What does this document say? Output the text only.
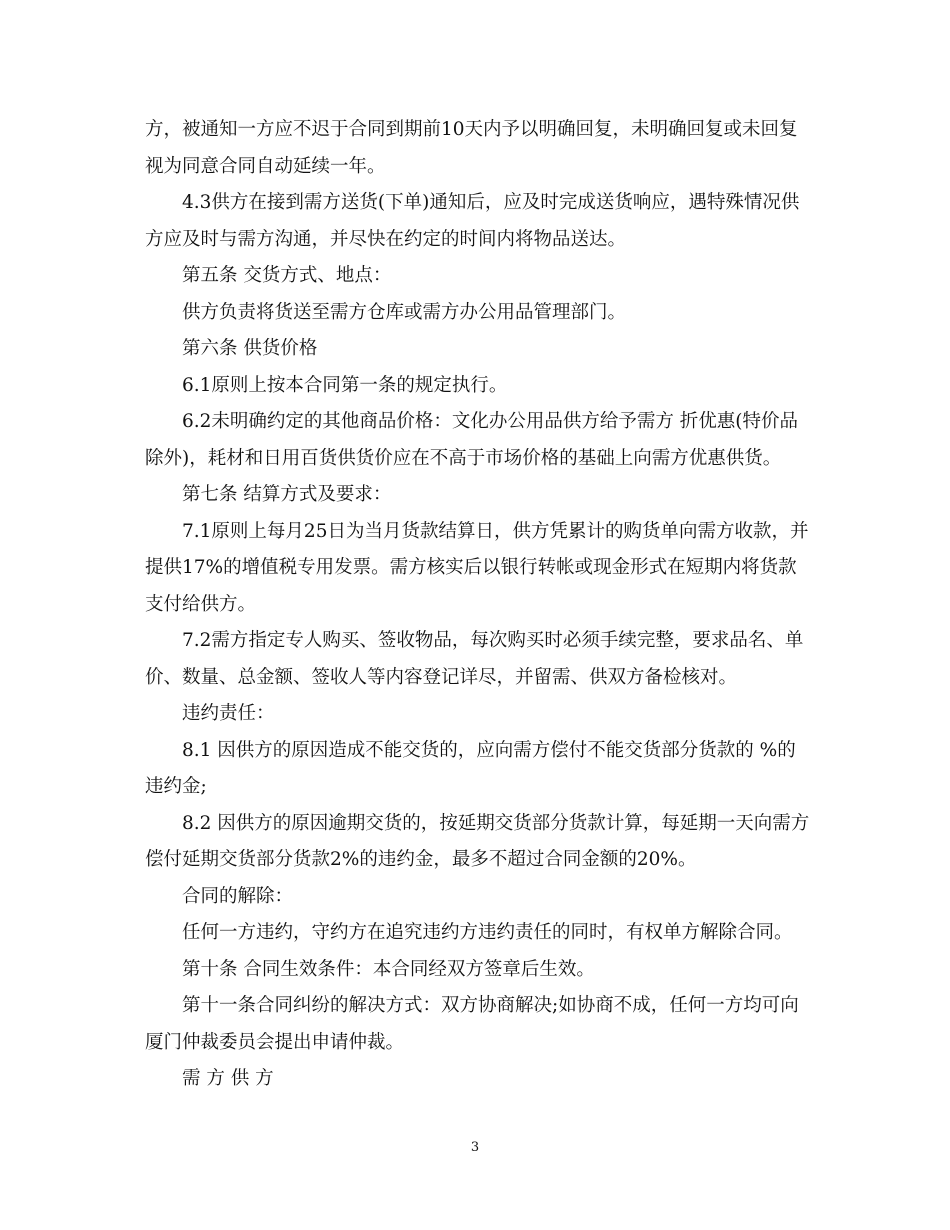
方，被通知一方应不迟于合同到期前10天内予以明确回复，未明确回复或未回复视为同意合同自动延续一年。

4.3供方在接到需方送货(下单)通知后，应及时完成送货响应，遇特殊情况供方应及时与需方沟通，并尽快在约定的时间内将物品送达。

第五条 交货方式、地点：

供方负责将货送至需方仓库或需方办公用品管理部门。

第六条 供货价格

6.1原则上按本合同第一条的规定执行。

6.2未明确约定的其他商品价格：文化办公用品供方给予需方 折优惠(特价品除外)，耗材和日用百货供货价应在不高于市场价格的基础上向需方优惠供货。

第七条 结算方式及要求：

7.1原则上每月25日为当月货款结算日，供方凭累计的购货单向需方收款，并提供17%的增值税专用发票。需方核实后以银行转帐或现金形式在短期内将货款支付给供方。

7.2需方指定专人购买、签收物品，每次购买时必须手续完整，要求品名、单价、数量、总金额、签收人等内容登记详尽，并留需、供双方备检核对。

违约责任：

8.1 因供方的原因造成不能交货的，应向需方偿付不能交货部分货款的 %的违约金;

8.2 因供方的原因逾期交货的，按延期交货部分货款计算，每延期一天向需方偿付延期交货部分货款2%的违约金，最多不超过合同金额的20%。

合同的解除：

任何一方违约，守约方在追究违约方违约责任的同时，有权单方解除合同。

第十条 合同生效条件：本合同经双方签章后生效。

第十一条合同纠纷的解决方式：双方协商解决;如协商不成，任何一方均可向厦门仲裁委员会提出申请仲裁。

需 方 供 方

3
